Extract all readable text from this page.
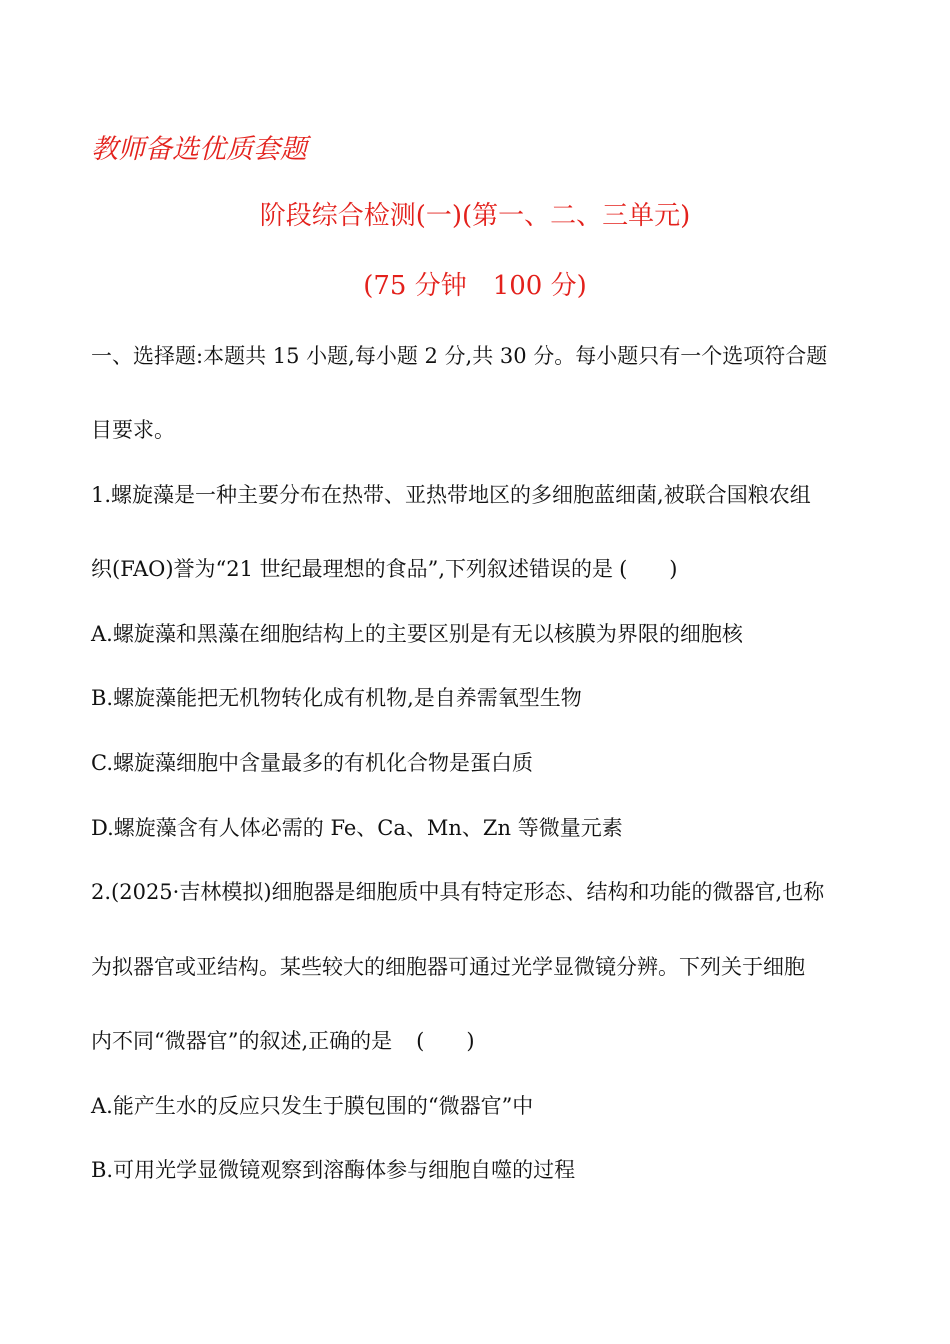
教师备选优质套题
阶段综合检测(一)(第一、二、三单元)
(75 分钟　100 分)
一、选择题:本题共 15 小题,每小题 2 分,共 30 分。每小题只有一个选项符合题
目要求。
1.螺旋藻是一种主要分布在热带、亚热带地区的多细胞蓝细菌,被联合国粮农组
织(FAO)誉为“21 世纪最理想的食品”,下列叙述错误的是 (　　)
A.螺旋藻和黑藻在细胞结构上的主要区别是有无以核膜为界限的细胞核
B.螺旋藻能把无机物转化成有机物,是自养需氧型生物
C.螺旋藻细胞中含量最多的有机化合物是蛋白质
D.螺旋藻含有人体必需的 Fe、Ca、Mn、Zn 等微量元素
2.(2025·吉林模拟)细胞器是细胞质中具有特定形态、结构和功能的微器官,也称
为拟器官或亚结构。某些较大的细胞器可通过光学显微镜分辨。下列关于细胞
内不同“微器官”的叙述,正确的是 (　　)
A.能产生水的反应只发生于膜包围的“微器官”中
B.可用光学显微镜观察到溶酶体参与细胞自噬的过程
